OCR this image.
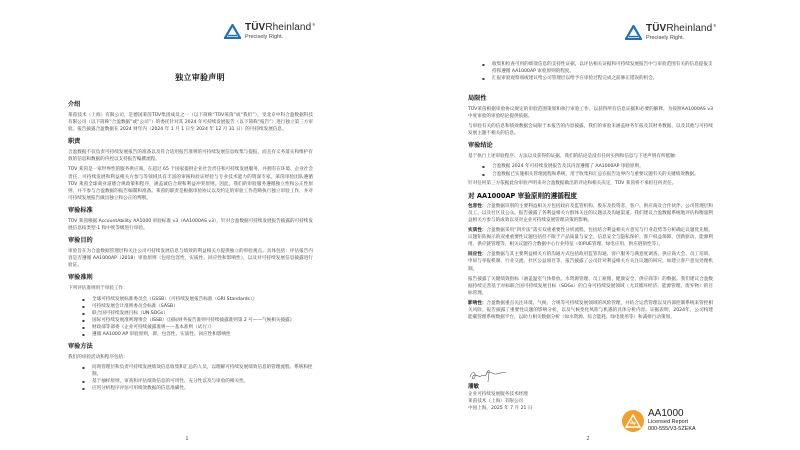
TÜVRheinland®
Precisely Right.
独立审验声明
介绍

莱茵技术（上海）有限公司，是德国莱茵TÜV集团成员之一（以下简称“TÜV莱茵”或“我们”），受北京中科合盈数据科技有限公司（以下简称“合盈数据”或“公司”）的委托针对其 2024 年可持续发展报告（以下简称“报告”）进行独立第三方审验。报告披露合盈数据在 2024 财年内（2024 年 1 月 1 日至 2024 年 12 月 31 日）的可持续发展信息。

职责

合盈数据不仅负责可持续发展报告的准备以及符合适用报告准则的可持续发展信息收集与提报，而且有义务落实和维护有效的信息和数据的内控以支持报告编撰流程。

TÜV 莱茵是一家世界性的服务供应商，在超过 65 个国家提供企业社会责任和可持续发展服务，并拥有在环境、企业社会责任、可持续发展和利益相关方参与等领域具有丰富的审核和验证经验与专业技术能力的资深专家。莱茵审验团队遵循 TÜV 莱茵全球商业道德合规政策和程序，涵盖诚信合规和利益冲突原则。因此，我们的审验服务遵循独立性和公正性原则，并不参与合盈数据的报告编制和准备。莱茵的职责是根据审验协议以及约定的审验工作范畴执行独立审验工作，并对可持续发展报告做出独立和公正的判断。

审验标准

TÜV 莱茵根据 AccountAbility AA1000 审验标准 v3（AA1000AS v3），针对合盈数据可持续发展报告披露的可持续发展信息按类型-1 和中度等级进行审验。

审验目的

审验旨在为合盈数据管理层和关注公司可持续发展信息与绩效的利益相关方提供独立的审验观点。具体包括：评估报告内容是否遵循 AA1000AP（2018）审验原则（包括包容性、实质性、回应性和影响性），以及对可持续发展信息披露进行验证。

审验准则

下列评估准则用于审验工作：

▪ 全球可持续发展标准委员会（GSSB）《可持续发展报告标准（GRI Standards）》
▪ 可持续发展会计准则委员会标准（SASB）
▪ 联合国可持续发展目标（UN SDGs）
▪ 国际可持续发展准则理事会（ISSB）《国际财务报告准则可持续披露准则第 2 号——气候相关披露》
▪ 财政部等部委《企业可持续披露准则——基本准则（试行）》
▪ 遵循 AA1000 AP 审验原则，即，包容性、实质性、回应性和影响性
审验方法

我们的审验活动和程序包括：

▪ 问询管理层和负责可持续发展绩效信息收集和汇总的人员，以理解可持续发展绩效信息的管理流程、系统和控制。
▪ 基于抽样原则，审查和评估绩效信息的可用性、充分性以及与审验的相关性。
▪ 应用分析程序评估可用绩效数据的信息准确性。
1
TÜVRheinland®
Precisely Right.
▪ 收集和检查可用的绩效信息的支持性证据，以评估相关证据和可持续发展报告中与审验范围有关的信息提报支持和遵循 AA1000AP 审验原则的程度。
▪ 汇报审验观察项或建议给公司管理层以给予在审验过程完成之前修正错误的机会。
局限性

TÜV莱茵根据审验协议规定的审验范围策划和执行审验工作，以获得所有信息证据和必要的解释，为按照AA1000AS v3中度审验的审验结论提供依据。

与审验有关的信息和绩效数据会局限于本报告的内容披露。我们的审验未涵盖财务年报及其财务数据，以及其他与可持续发展主题不相关的信息。

审验结论

基于执行上述审验程序、方法以及获得的证据，我们的结论是没有任何实例和信息与下述声明有所抵触：

▪ 合盈数据 2024 年可持续发展报告及其内容遵循了 AA1000AP 审验原则。
▪ 合盈数据已实施相关管理流程和系统，用于收集和汇总在报告边界内与重要议题有关的关键绩效数据。

针对任何第三方依据此份审验声明来对合盈数据做出的评论和相关决定，TÜV 莱茵将不承担任何责任。

对 AA1000AP 审验原则的遵循程度

包容性：合盈数据识别的主要利益相关方包括政府及监管机构、股东及投资者、客户、供应商及合作伙伴、公司管理层和员工、以及社区及公众。报告披露了各利益相关方群体关注的议题以及沟通渠道。我们建议合盈数据系统地评估和衡量利益相关方参与的成效以及对企业可持续发展管理决策的影响。

实质性：合盈数据采用“四步法”落实双重重要性分析流程，包括结合利益相关方意见与行业趋势等分析确定议题优先级。议题矩阵揭示的双重重要性议题包括但不限于产品质量与安全、信息安全与隐私保护、客户权益保障、创新驱动、能源利用、供应链管理等，相关议题符合数据中心行业特征（如PUE管理、绿电应用、供应链韧性等）。

回应性：合盈数据与其主要利益相关方的沟通方式包括政府监管沟通、客户服务与满意度调查、供应商大会、员工培训、申诉与举报机制、行业交流、社区公益项目等，报告披露了公司针对利益相关方关注议题的回应，如建立客户意见处理机制。

报告披露了关键绩效指标（涵盖温室气体排放、水资源管理、员工雇佣、健康安全、供应商等）的数据。我们建议合盈数据持续完善基于对标联合国可持续发展目标（SDGs）的自身可持续发展领域（尤其循环经济、能源管理、废弃物）的目标管理。

影响性：合盈数据重点关注环境、气候、合规等可持续发展领域的风险管理，并结合运营管理以及内部控制系统来管控相关风险。报告披露了重要性议题的影响分析，以及气候变化风险与机遇的具体分析内容。证据表明，2024年，公司构建能碳管理系统数据平台，以助力相关数据分析（如水资源、综合能耗、绿电使用等）和减排行动策划。

潘敏
企业可持续发展服务技术经理
莱茵技术（上海）有限公司
中国上海，2025 年 7 月 21 日	AA1000
Licensed Report
000-555/V3-5ZEKA
2
